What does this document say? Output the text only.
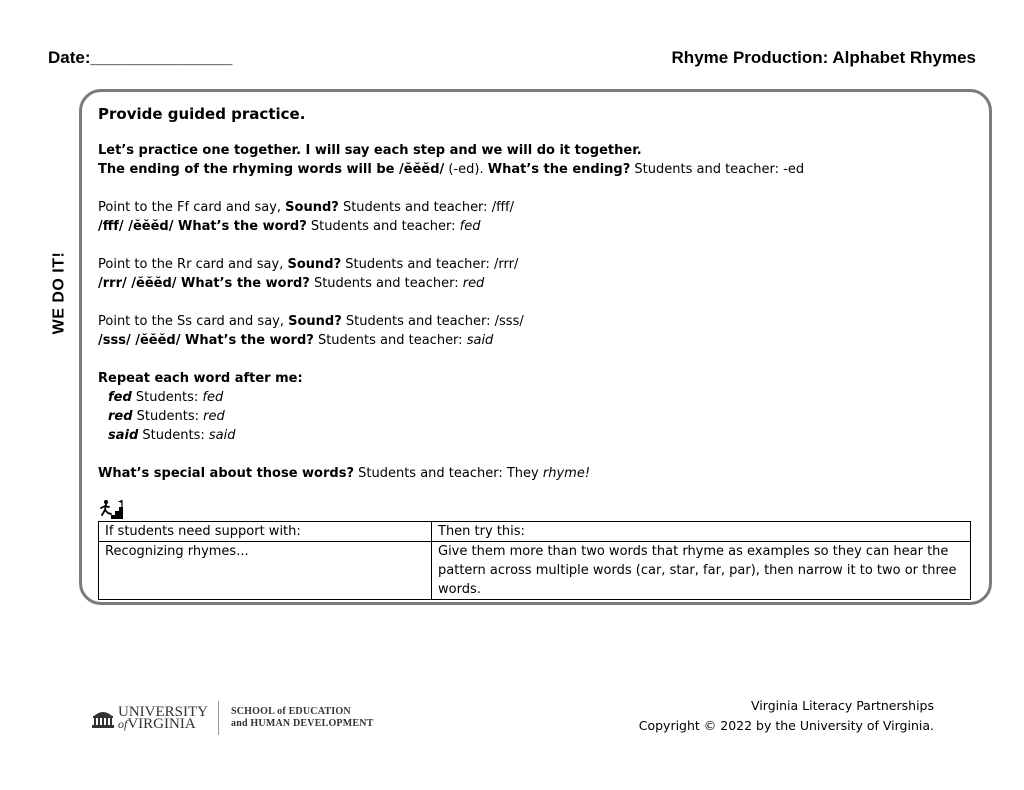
Date:_______________	Rhyme Production: Alphabet Rhymes
WE DO IT!

Provide guided practice.

Let’s practice one together. I will say each step and we will do it together.

The ending of the rhyming words will be /ĕĕĕd/ (-ed). What’s the ending? Students and teacher: -ed

Point to the Ff card and say, Sound? Students and teacher: /fff/

/fff/ /ĕĕĕd/ What’s the word? Students and teacher: fed

Point to the Rr card and say, Sound? Students and teacher: /rrr/

/rrr/ /ĕĕĕd/ What’s the word? Students and teacher: red

Point to the Ss card and say, Sound? Students and teacher: /sss/

/sss/ /ĕĕĕd/ What’s the word? Students and teacher: said

Repeat each word after me:

fed Students: fed

red Students: red

said Students: said

What’s special about those words? Students and teacher: They rhyme!

If students need support with:	Then try this:
Recognizing rhymes...	Give them more than two words that rhyme as examples so they can hear the pattern across multiple words (car, star, far, par), then narrow it to two or three words.
UNIVERSITY
ofVIRGINIA
SCHOOL of EDUCATION
and HUMAN DEVELOPMENT
Virginia Literacy Partnerships
Copyright © 2022 by the University of Virginia.
